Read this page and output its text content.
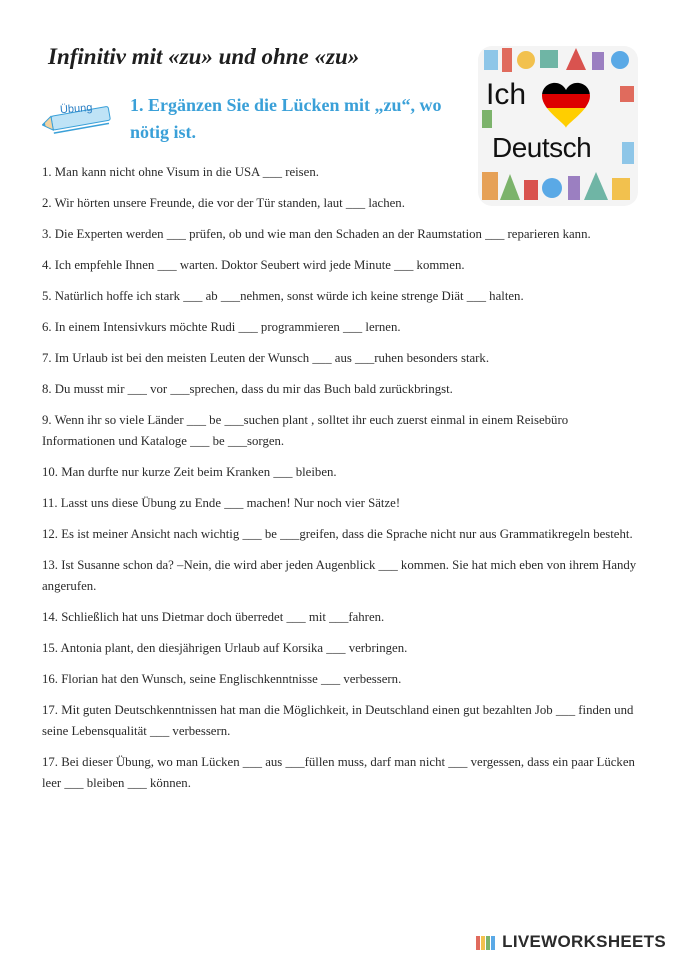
Infinitiv mit «zu» und ohne «zu»
Übung 1. Ergänzen Sie die Lücken mit „zu“, wo nötig ist.
Ich
Deutsch
1. Man kann nicht ohne Visum in die USA ___ reisen.
2. Wir hörten unsere Freunde, die vor der Tür standen, laut ___ lachen.
3. Die Experten werden ___ prüfen, ob und wie man den Schaden an der Raumstation ___ reparieren kann.
4. Ich empfehle Ihnen ___ warten. Doktor Seubert wird jede Minute ___ kommen.
5. Natürlich hoffe ich stark ___ ab ___nehmen, sonst würde ich keine strenge Diät ___ halten.
6. In einem Intensivkurs möchte Rudi ___ programmieren ___ lernen.
7. Im Urlaub ist bei den meisten Leuten der Wunsch ___ aus ___ruhen besonders stark.
8. Du musst mir ___ vor ___sprechen, dass du mir das Buch bald zurückbringst.
9. Wenn ihr so viele Länder ___ be ___suchen plant , solltet ihr euch zuerst einmal in einem Reisebüro Informationen und Kataloge ___ be ___sorgen.
10. Man durfte nur kurze Zeit beim Kranken ___ bleiben.
11. Lasst uns diese Übung zu Ende ___ machen! Nur noch vier Sätze!
12. Es ist meiner Ansicht nach wichtig ___ be ___greifen, dass die Sprache nicht nur aus Grammatikregeln besteht.
13. Ist Susanne schon da? –Nein, die wird aber jeden Augenblick ___ kommen. Sie hat mich eben von ihrem Handy angerufen.
14. Schließlich hat uns Dietmar doch überredet ___ mit ___fahren.
15. Antonia plant, den diesjährigen Urlaub auf Korsika ___ verbringen.
16. Florian hat den Wunsch, seine Englischkenntnisse ___ verbessern.
17. Mit guten Deutschkenntnissen hat man die Möglichkeit, in Deutschland einen gut bezahlten Job ___ finden und seine Lebensqualität ___ verbessern.
17. Bei dieser Übung, wo man Lücken ___ aus ___füllen muss, darf man nicht ___ vergessen, dass ein paar Lücken leer ___ bleiben ___ können.
LIVEWORKSHEETS
